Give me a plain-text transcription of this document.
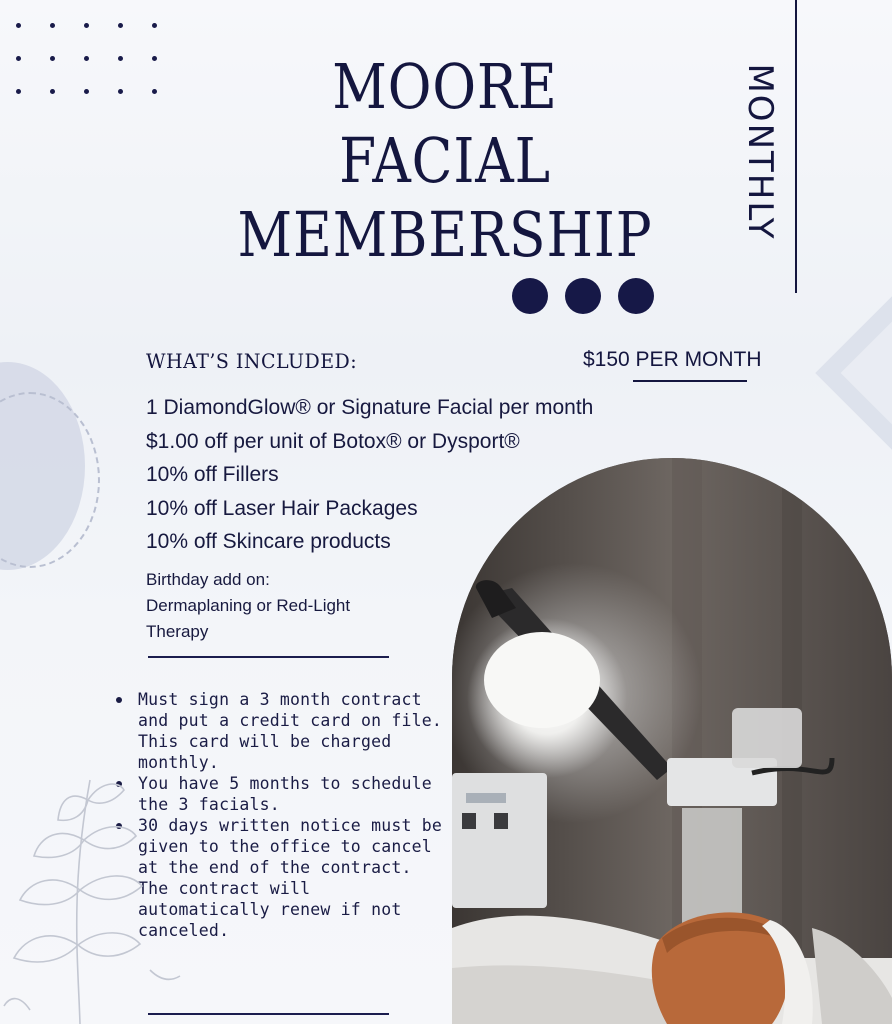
MOORE
FACIAL
MEMBERSHIP	MONTHLY
WHAT’S INCLUDED:	$150 PER MONTH
1 DiamondGlow® or Signature Facial per month
$1.00 off per unit of Botox® or Dysport®
10% off Fillers
10% off Laser Hair Packages
10% off Skincare products
Birthday add on:
Dermaplaning or Red-Light
Therapy
Must sign a 3 month contract and put a credit card on file. This card will be charged monthly.
You have 5 months to schedule the 3 facials.
30 days written notice must be given to the office to cancel at the end of the contract. The contract will automatically renew if not canceled.
